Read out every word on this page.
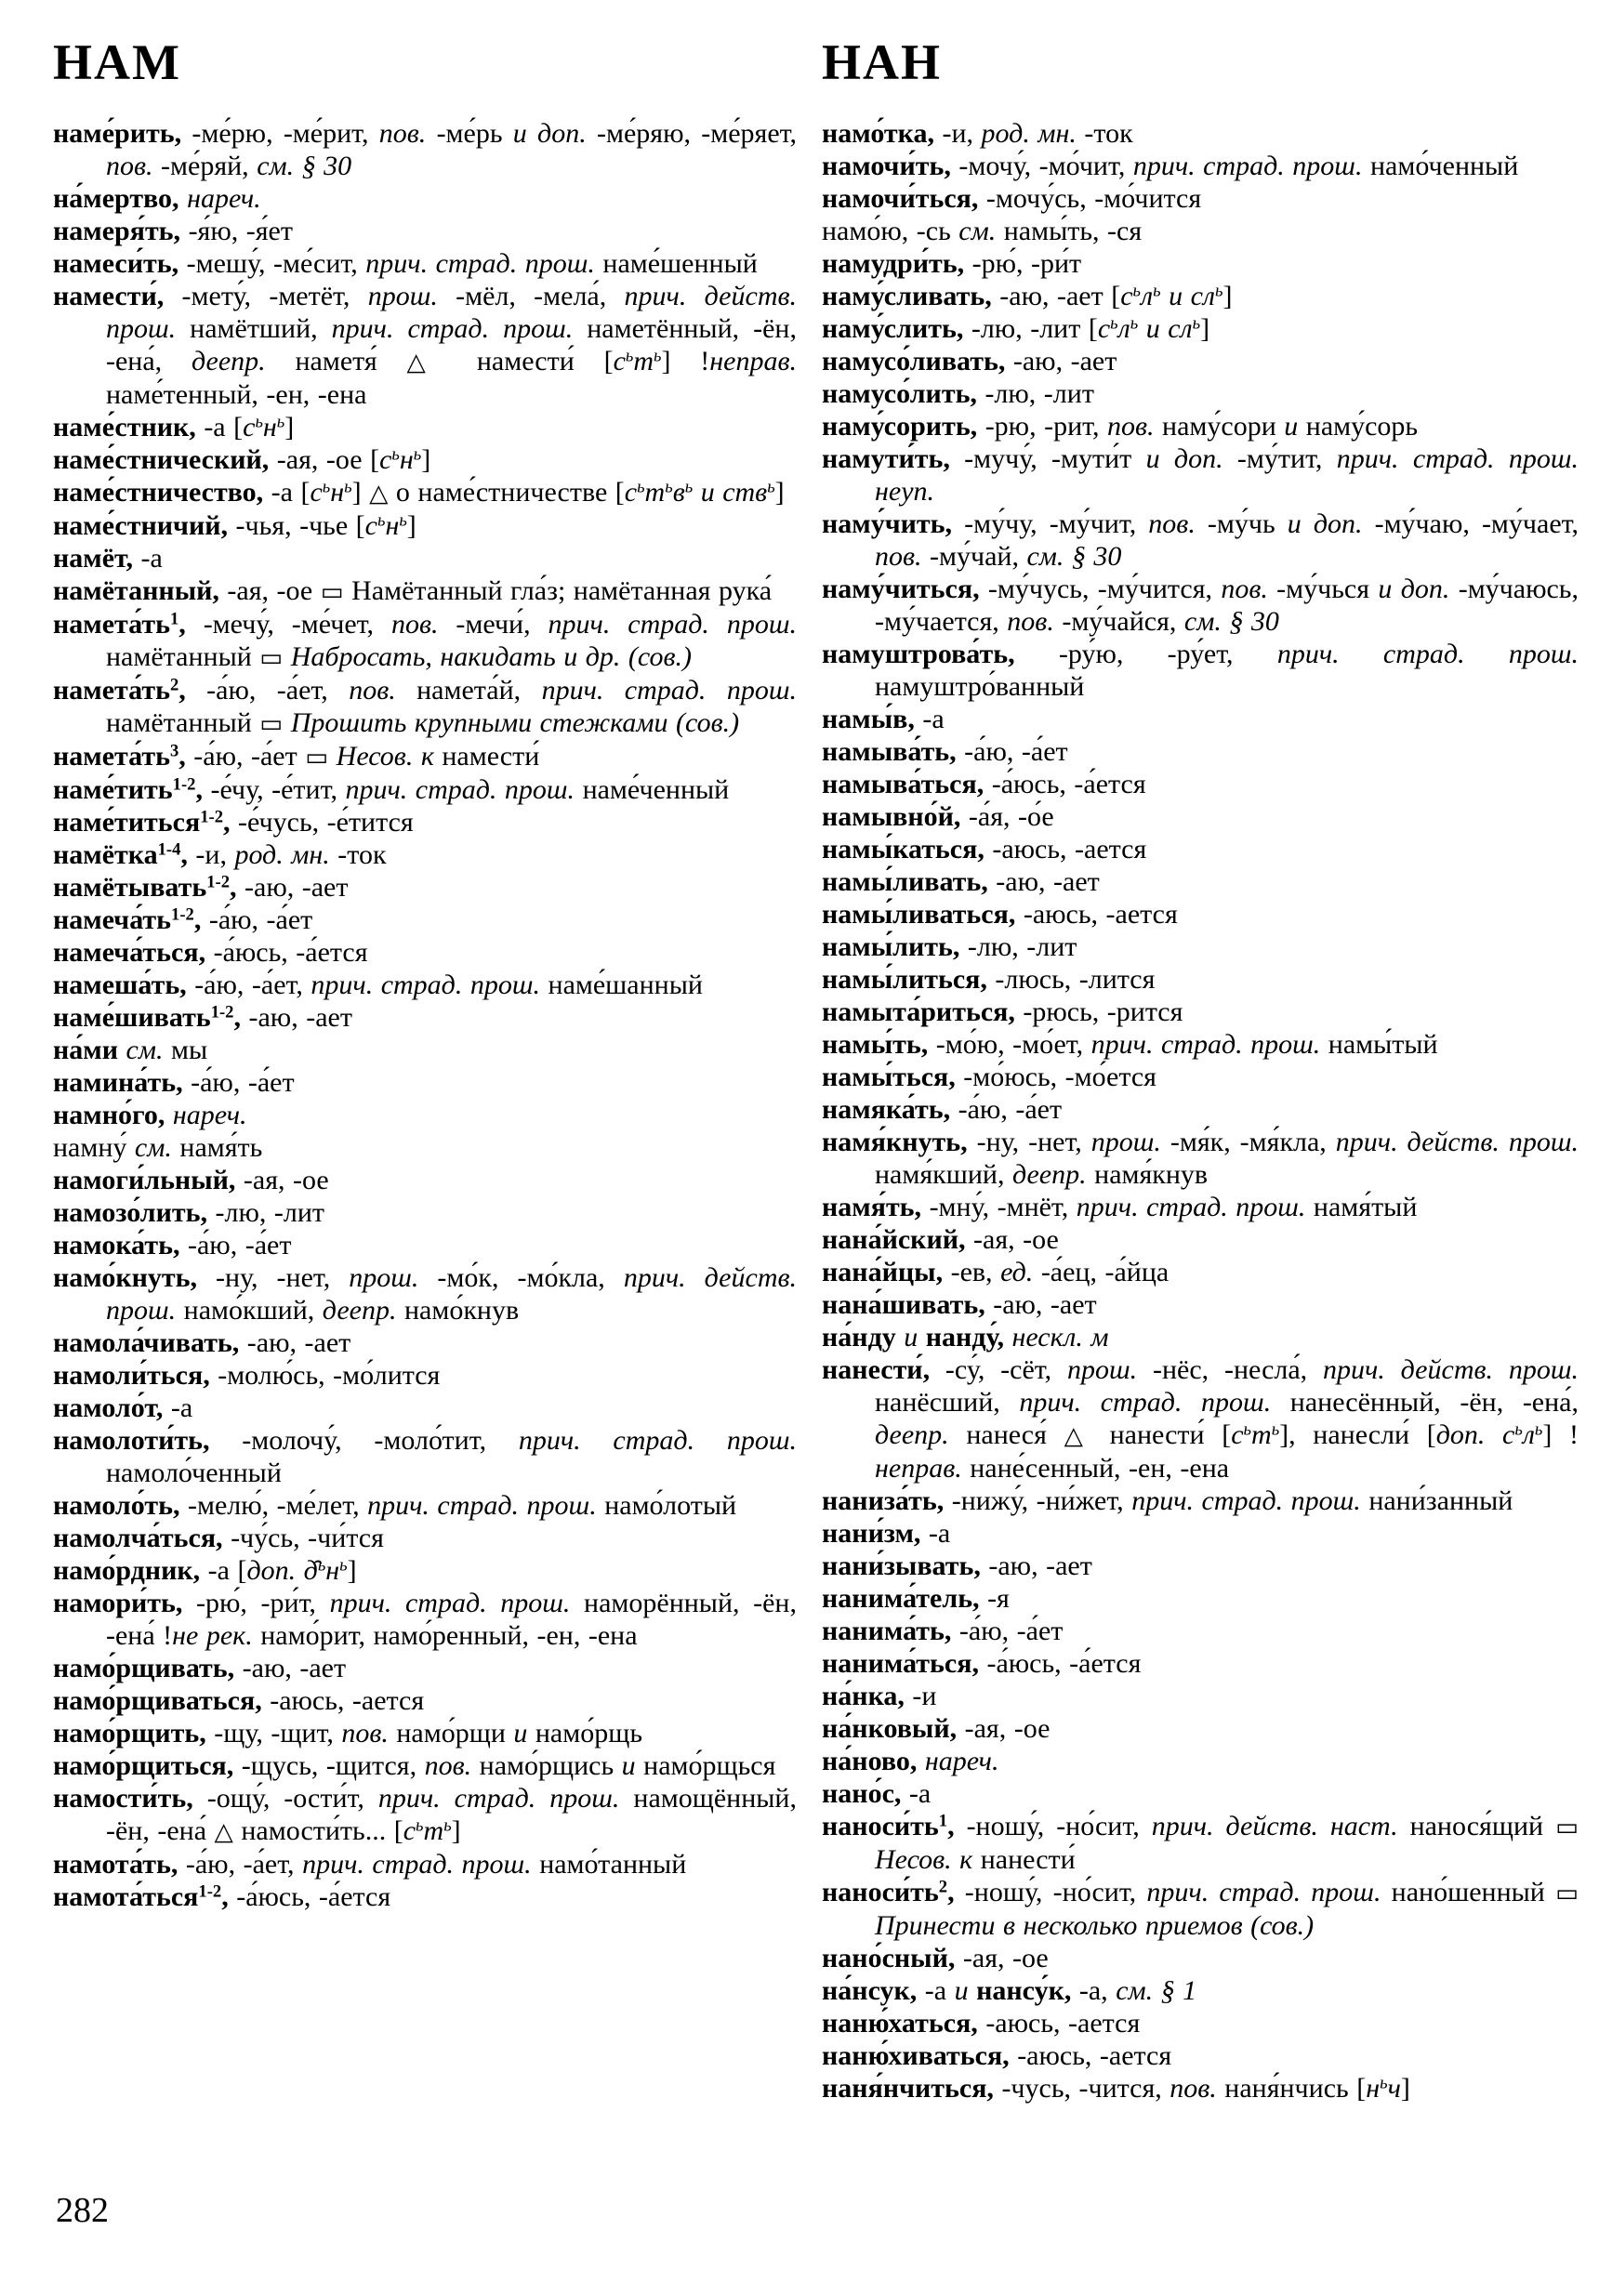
НАМ	НАН

наме́рить, -ме́рю, -ме́рит, пов. -ме́рь и доп. -ме́ряю, -ме́ряет, пов. -ме́ряй, см. § 30

на́мертво, нареч.

намеря́ть, -я́ю, -я́ет

намеси́ть, -мешу́, -ме́сит, прич. страд. прош. наме́шенный

намести́, -мету́, -метёт, прош. -мёл, -мела́, прич. действ. прош. намётший, прич. страд. прош. наметённый, -ён, -ена́, деепр. наметя́ △ намести́ $[с^ьт^ь]$ !неправ. наме́тенный, -ен, -ена

наме́стник, -а $[с^ьн^ь]$

наме́стнический, -ая, -ое $[с^ьн^ь]$

наме́стничество, -а $[с^ьн^ь]$ △ о наме́стничестве [$с^ьт^ьв^ь$ и ств$^ь$]

наме́стничий, -чья, -чье $[с^ьн^ь]$

намёт, -а

намётанный, -ая, -ое ▭ Намётанный гла́з; намётанная рука́

$намета́ть^1$, -мечу́, -ме́чет, пов. -мечи́, прич. страд. прош. намётанный ▭ Набросать, накидать и др. (сов.)

$намета́ть^2$, -а́ю, -а́ет, пов. намета́й, прич. страд. прош. намётанный ▭ Прошить крупными стежками (сов.)

$намета́ть^3$, -а́ю, -а́ет ▭ Несов. к намести́

наме́тить$^{1-2}$, -е́чу, -е́тит, прич. страд. прош. наме́ченный

наме́титься$^{1-2}$, -е́чусь, -е́тится

намётка$^{1-4}$, -и, род. мн. -ток

намётывать$^{1-2}$, -аю, -ает

$намеча́ть^{1-2}$, -а́ю, -а́ет

намеча́ться, -а́юсь, -а́ется

намеша́ть, -а́ю, -а́ет, прич. страд. прош. наме́шанный

наме́шивать$^{1-2}$, -аю, -ает

на́ми см. мы

намина́ть, -а́ю, -а́ет

намно́го, нареч.

намну́ см. намя́ть

намоги́льный, -ая, -ое

намозо́лить, -лю, -лит

намока́ть, -а́ю, -а́ет

намо́кнуть, -ну, -нет, прош. -мо́к, -мо́кла, прич. действ. прош. намо́кший, деепр. намо́кнув

намола́чивать, -аю, -ает

намоли́ться, -молю́сь, -мо́лится

намоло́т, -а

намолоти́ть, -молочу́, -моло́тит, прич. страд. прош. намоло́ченный

намоло́ть, -мелю́, -ме́лет, прич. страд. прош. намо́лотый

намолча́ться, -чу́сь, -чи́тся

намо́рдник, -а [доп. $д̑^ьн^ь$]

намори́ть, -рю́, -ри́т, прич. страд. прош. наморённый, -ён, -ена́ !не рек. намо́рит, намо́ренный, -ен, -ена

намо́рщивать, -аю, -ает

намо́рщиваться, -аюсь, -ается

намо́рщить, -щу, -щит, пов. намо́рщи и намо́рщь

намо́рщиться, -щусь, -щится, пов. намо́рщись и намо́рщься

намости́ть, -ощу́, -ости́т, прич. страд. прош. намощённый, -ён, -ена́ △ намости́ть... $[с^ьт^ь]$

намота́ть, -а́ю, -а́ет, прич. страд. прош. намо́танный

намота́ться$^{1-2}$, -а́юсь, -а́ется

намо́тка, -и, род. мн. -ток

намочи́ть, -мочу́, -мо́чит, прич. страд. прош. намо́ченный

намочи́ться, -мочу́сь, -мо́чится

намо́ю, -сь см. намы́ть, -ся

намудри́ть, -рю́, -ри́т

наму́сливать, -аю, -ает [$с^ьл^ь$ и $сл^ь$]

наму́слить, -лю, -лит [$с^ьл^ь$ и $сл^ь$]

намусо́ливать, -аю, -ает

намусо́лить, -лю, -лит

наму́сорить, -рю, -рит, пов. наму́сори и наму́сорь

намути́ть, -мучу́, -мути́т и доп. -му́тит, прич. страд. прош. неуп.

наму́чить, -му́чу, -му́чит, пов. -му́чь и доп. -му́чаю, -му́чает, пов. -му́чай, см. § 30

наму́читься, -му́чусь, -му́чится, пов. -му́чься и доп. -му́чаюсь, -му́чается, пов. -му́чайся, см. § 30

намуштрова́ть, -ру́ю, -ру́ет, прич. страд. прош. намуштро́ванный

намы́в, -а

намыва́ть, -а́ю, -а́ет

намыва́ться, -а́юсь, -а́ется

намывно́й, -а́я, -о́е

намы́каться, -аюсь, -ается

намы́ливать, -аю, -ает

намы́ливаться, -аюсь, -ается

намы́лить, -лю, -лит

намы́литься, -люсь, -лится

намыта́риться, -рюсь, -рится

намы́ть, -мо́ю, -мо́ет, прич. страд. прош. намы́тый

намы́ться, -мо́юсь, -мо́ется

намяка́ть, -а́ю, -а́ет

намя́кнуть, -ну, -нет, прош. -мя́к, -мя́кла, прич. действ. прош. намя́кший, деепр. намя́кнув

намя́ть, -мну́, -мнёт, прич. страд. прош. намя́тый

нана́йский, -ая, -ое

нана́йцы, -ев, ед. -а́ец, -а́йца

нана́шивать, -аю, -ает

на́нду и нанду́, нескл. м

нанести́, -су́, -сёт, прош. -нёс, -несла́, прич. действ. прош. нанёсший, прич. страд. прош. нанесённый, -ён, -ена́, деепр. нанеся́ △ нанести́ $[с^ьт^ь]$, нанесли́ [доп. $с^ьл^ь$] !неправ. нане́сенный, -ен, -ена

наниза́ть, -нижу́, -ни́жет, прич. страд. прош. нани́занный

нани́зм, -а

нани́зывать, -аю, -ает

нанима́тель, -я

нанима́ть, -а́ю, -а́ет

нанима́ться, -а́юсь, -а́ется

на́нка, -и

на́нковый, -ая, -ое

на́ново, нареч.

нано́с, -а

$наноси́ть^1$, -ношу́, -но́сит, прич. действ. наст. нанося́щий ▭ Несов. к нанести́

$наноси́ть^2$, -ношу́, -но́сит, прич. страд. прош. нано́шенный ▭ Принести в несколько приемов (сов.)

нано́сный, -ая, -ое

на́нсук, -а и нансу́к, -а, см. § 1

наню́хаться, -аюсь, -ается

наню́хиваться, -аюсь, -ается

наня́нчиться, -чусь, -чится, пов. наня́нчись $[н^ьч]$

282
